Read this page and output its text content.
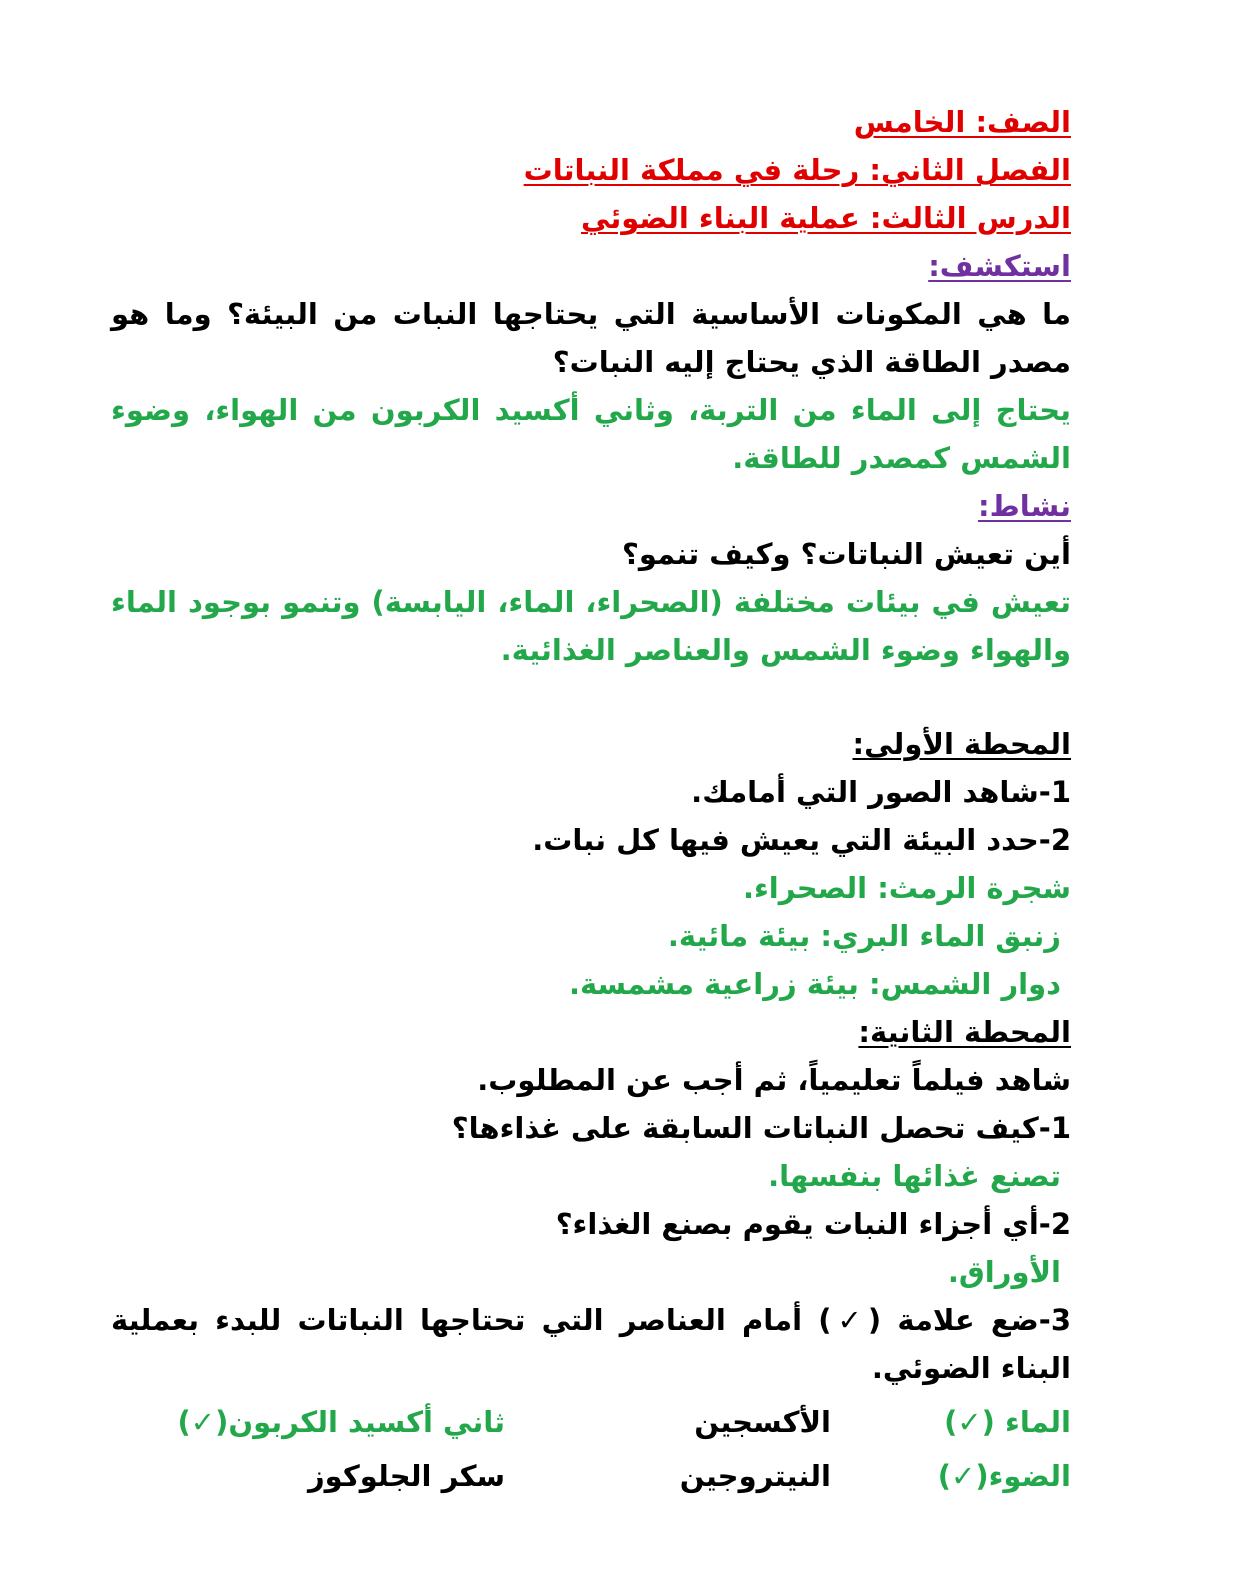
الصف: الخامس

الفصل الثاني: رحلة في مملكة النباتات

الدرس الثالث: عملية البناء الضوئي

استكشف:

ما هي المكونات الأساسية التي يحتاجها النبات من البيئة؟ وما هو مصدر الطاقة الذي يحتاج إليه النبات؟

يحتاج إلى الماء من التربة، وثاني أكسيد الكربون من الهواء، وضوء الشمس كمصدر للطاقة.

نشاط:

أين تعيش النباتات؟ وكيف تنمو؟

تعيش في بيئات مختلفة (الصحراء، الماء، اليابسة) وتنمو بوجود الماء والهواء وضوء الشمس والعناصر الغذائية.

المحطة الأولى:

1-شاهد الصور التي أمامك.

2-حدد البيئة التي يعيش فيها كل نبات.

شجرة الرمث: الصحراء.

زنبق الماء البري: بيئة مائية.

دوار الشمس: بيئة زراعية مشمسة.

المحطة الثانية:

شاهد فيلماً تعليمياً، ثم أجب عن المطلوب.

1-كيف تحصل النباتات السابقة على غذاءها؟

تصنع غذائها بنفسها.

2-أي أجزاء النبات يقوم بصنع الغذاء؟

الأوراق.

3-ضع علامة (✓) أمام العناصر التي تحتاجها النباتات للبدء بعملية البناء الضوئي.

الماء (✓)
الأكسجين
ثاني أكسيد الكربون(✓)
الضوء(✓)
النيتروجين
سكر الجلوكوز
